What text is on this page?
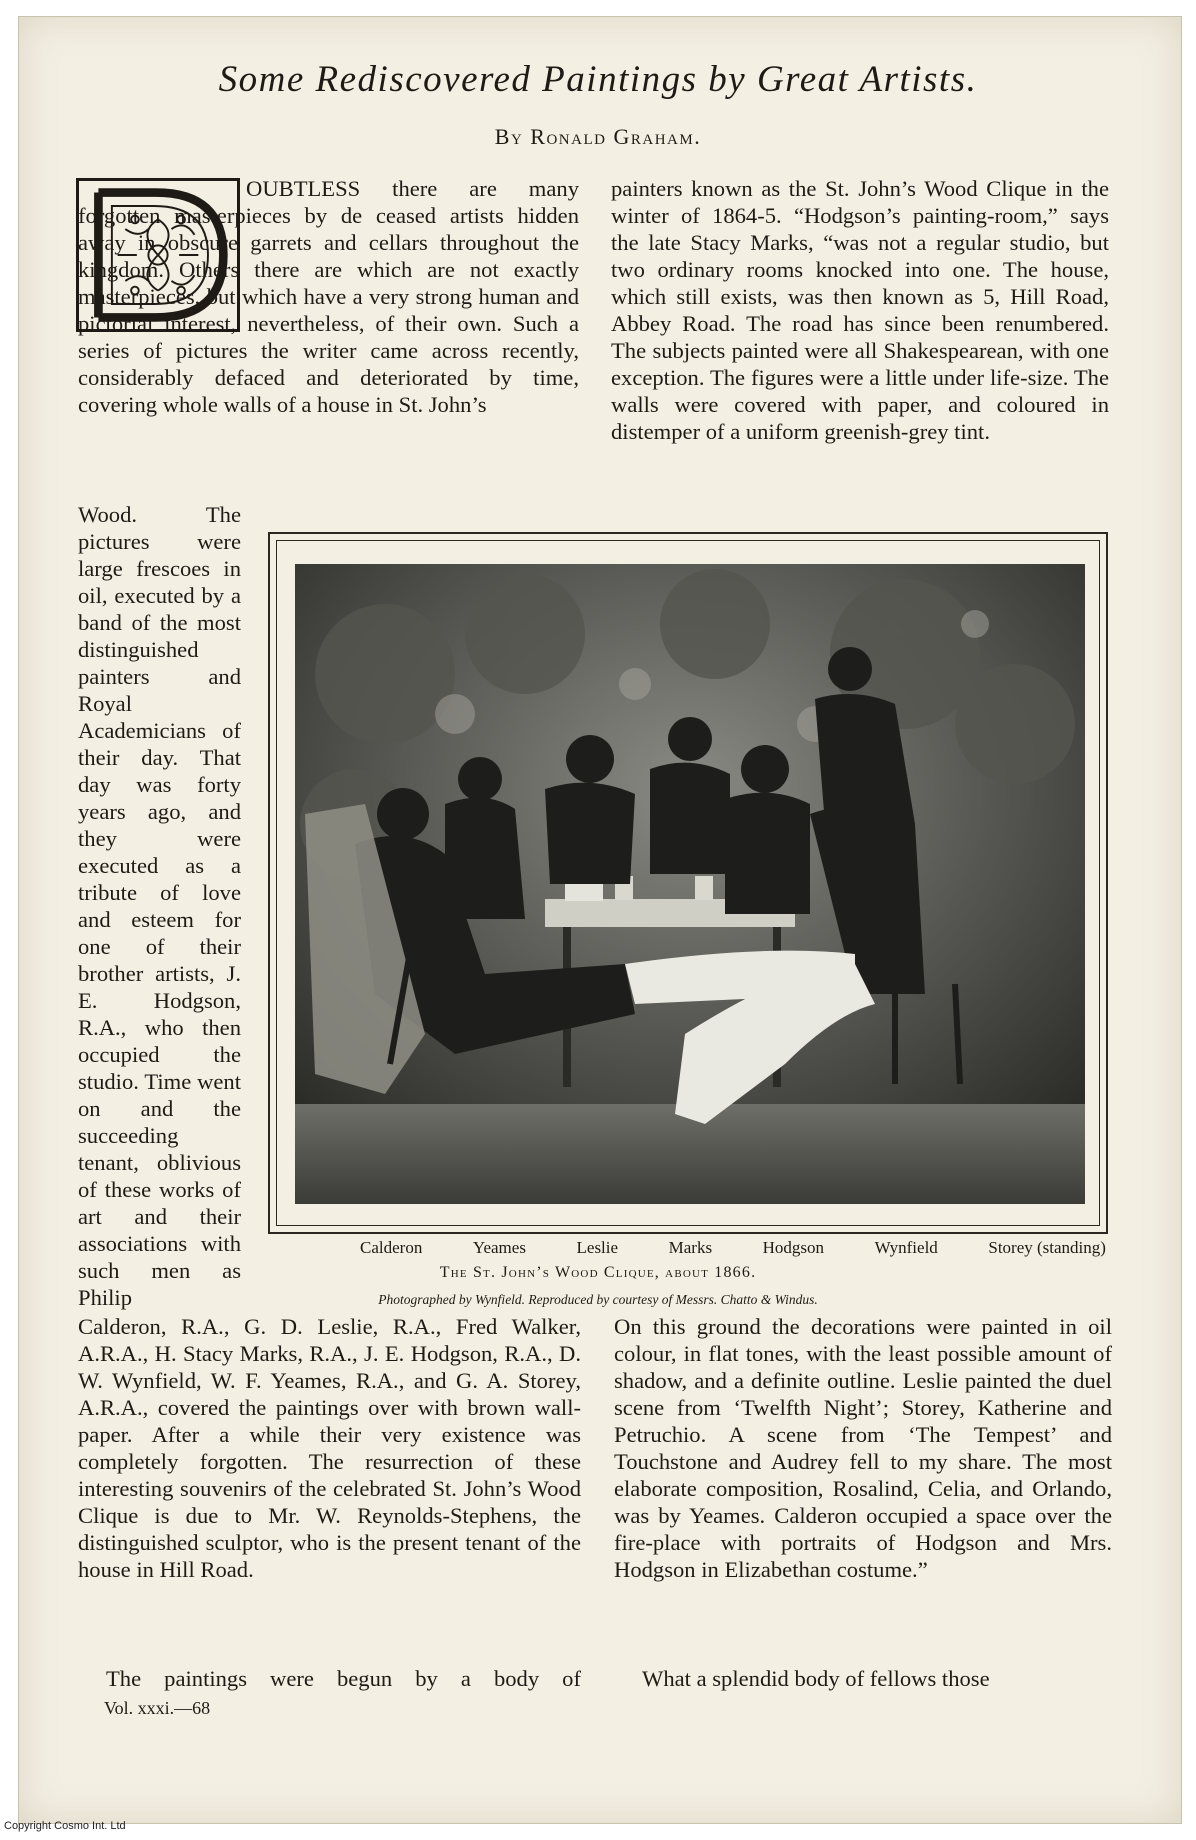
Some Rediscovered Paintings by Great Artists.
By Ronald Graham.

OUBTLESS there are many forgotten masterpieces by de ceased artists hidden away in obscure garrets and cellars throughout the kingdom. Others there are which are not exactly masterpieces, but which have a very strong human and pictorial interest, nevertheless, of their own. Such a series of pictures the writer came across recently, considerably defaced and deteriorated by time, covering whole walls of a house in St. John’s

Wood. The pictures were large frescoes in oil, executed by a band of the most distinguished painters and Royal Academicians of their day. That day was forty years ago, and they were executed as a tribute of love and esteem for one of their brother artists, J. E. Hodgson, R.A., who then occupied the studio. Time went on and the succeeding tenant, oblivious of these works of art and their associations with such men as Philip

Calderon, R.A., G. D. Leslie, R.A., Fred Walker, A.R.A., H. Stacy Marks, R.A., J. E. Hodgson, R.A., D. W. Wynfield, W. F. Yeames, R.A., and G. A. Storey, A.R.A., covered the paintings over with brown wall-paper. After a while their very existence was completely forgotten. The resurrection of these interesting souvenirs of the celebrated St. John’s Wood Clique is due to Mr. W. Reynolds-Stephens, the distinguished sculptor, who is the present tenant of the house in Hill Road.

The paintings were begun by a body of

painters known as the St. John’s Wood Clique in the winter of 1864-5. “Hodgson’s painting-room,” says the late Stacy Marks, “was not a regular studio, but two ordinary rooms knocked into one. The house, which still exists, was then known as 5, Hill Road, Abbey Road. The road has since been renumbered. The subjects painted were all Shakespearean, with one exception. The figures were a little under life-size. The walls were covered with paper, and coloured in distemper of a uniform greenish-grey tint.

Calderon	Yeames	Leslie	Marks	Hodgson	Wynfield	Storey (standing)
The St. John’s Wood Clique, about 1866.
Photographed by Wynfield. Reproduced by courtesy of Messrs. Chatto & Windus.

On this ground the decorations were painted in oil colour, in flat tones, with the least possible amount of shadow, and a definite outline. Leslie painted the duel scene from ‘Twelfth Night’; Storey, Katherine and Petruchio. A scene from ‘The Tempest’ and Touchstone and Audrey fell to my share. The most elaborate composition, Rosalind, Celia, and Orlando, was by Yeames. Calderon occupied a space over the fire-place with portraits of Hodgson and Mrs. Hodgson in Elizabethan costume.”

What a splendid body of fellows those

Vol. xxxi.—68
Copyright Cosmo Int. Ltd
